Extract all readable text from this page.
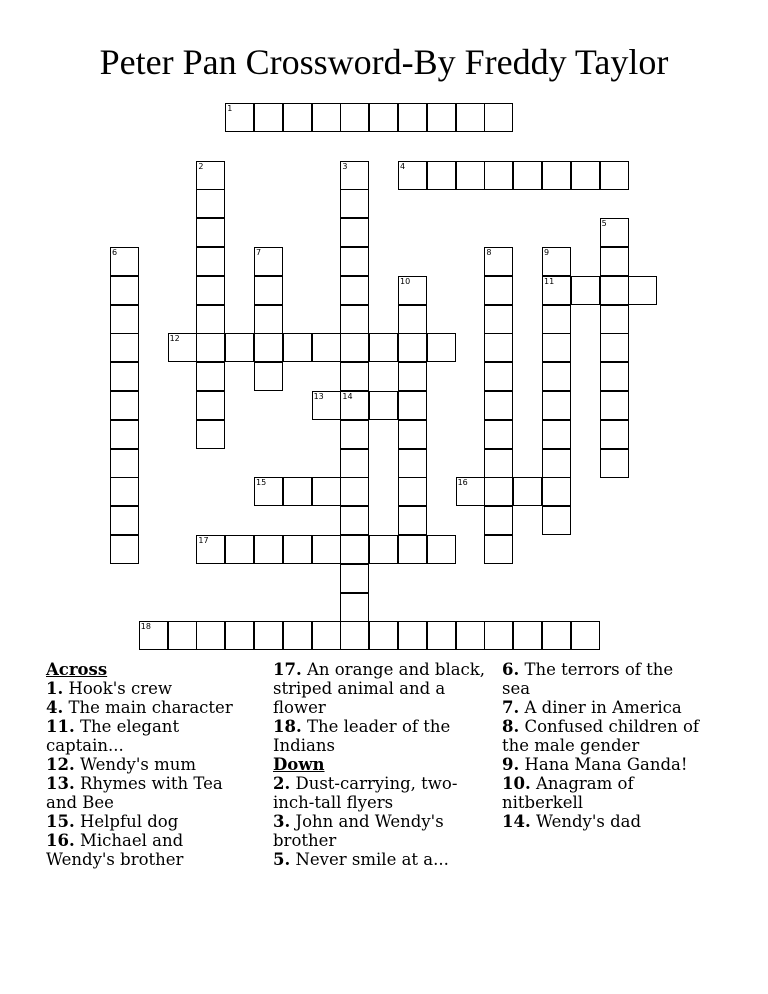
Peter Pan Crossword-By Freddy Taylor
1
2	3	4
5
6	7	8	9
10	11
12
13 14
15	16
17
18
Across
1. Hook's crew
4. The main character
11. The elegant captain...
12. Wendy's mum
13. Rhymes with Tea and Bee
15. Helpful dog
16. Michael and Wendy's brother
17. An orange and black, striped animal and a flower
18. The leader of the Indians
Down
2. Dust-carrying, two-inch-tall flyers
3. John and Wendy's brother
5. Never smile at a...
6. The terrors of the sea
7. A diner in America
8. Confused children of the male gender
9. Hana Mana Ganda!
10. Anagram of nitberkell
14. Wendy's dad
